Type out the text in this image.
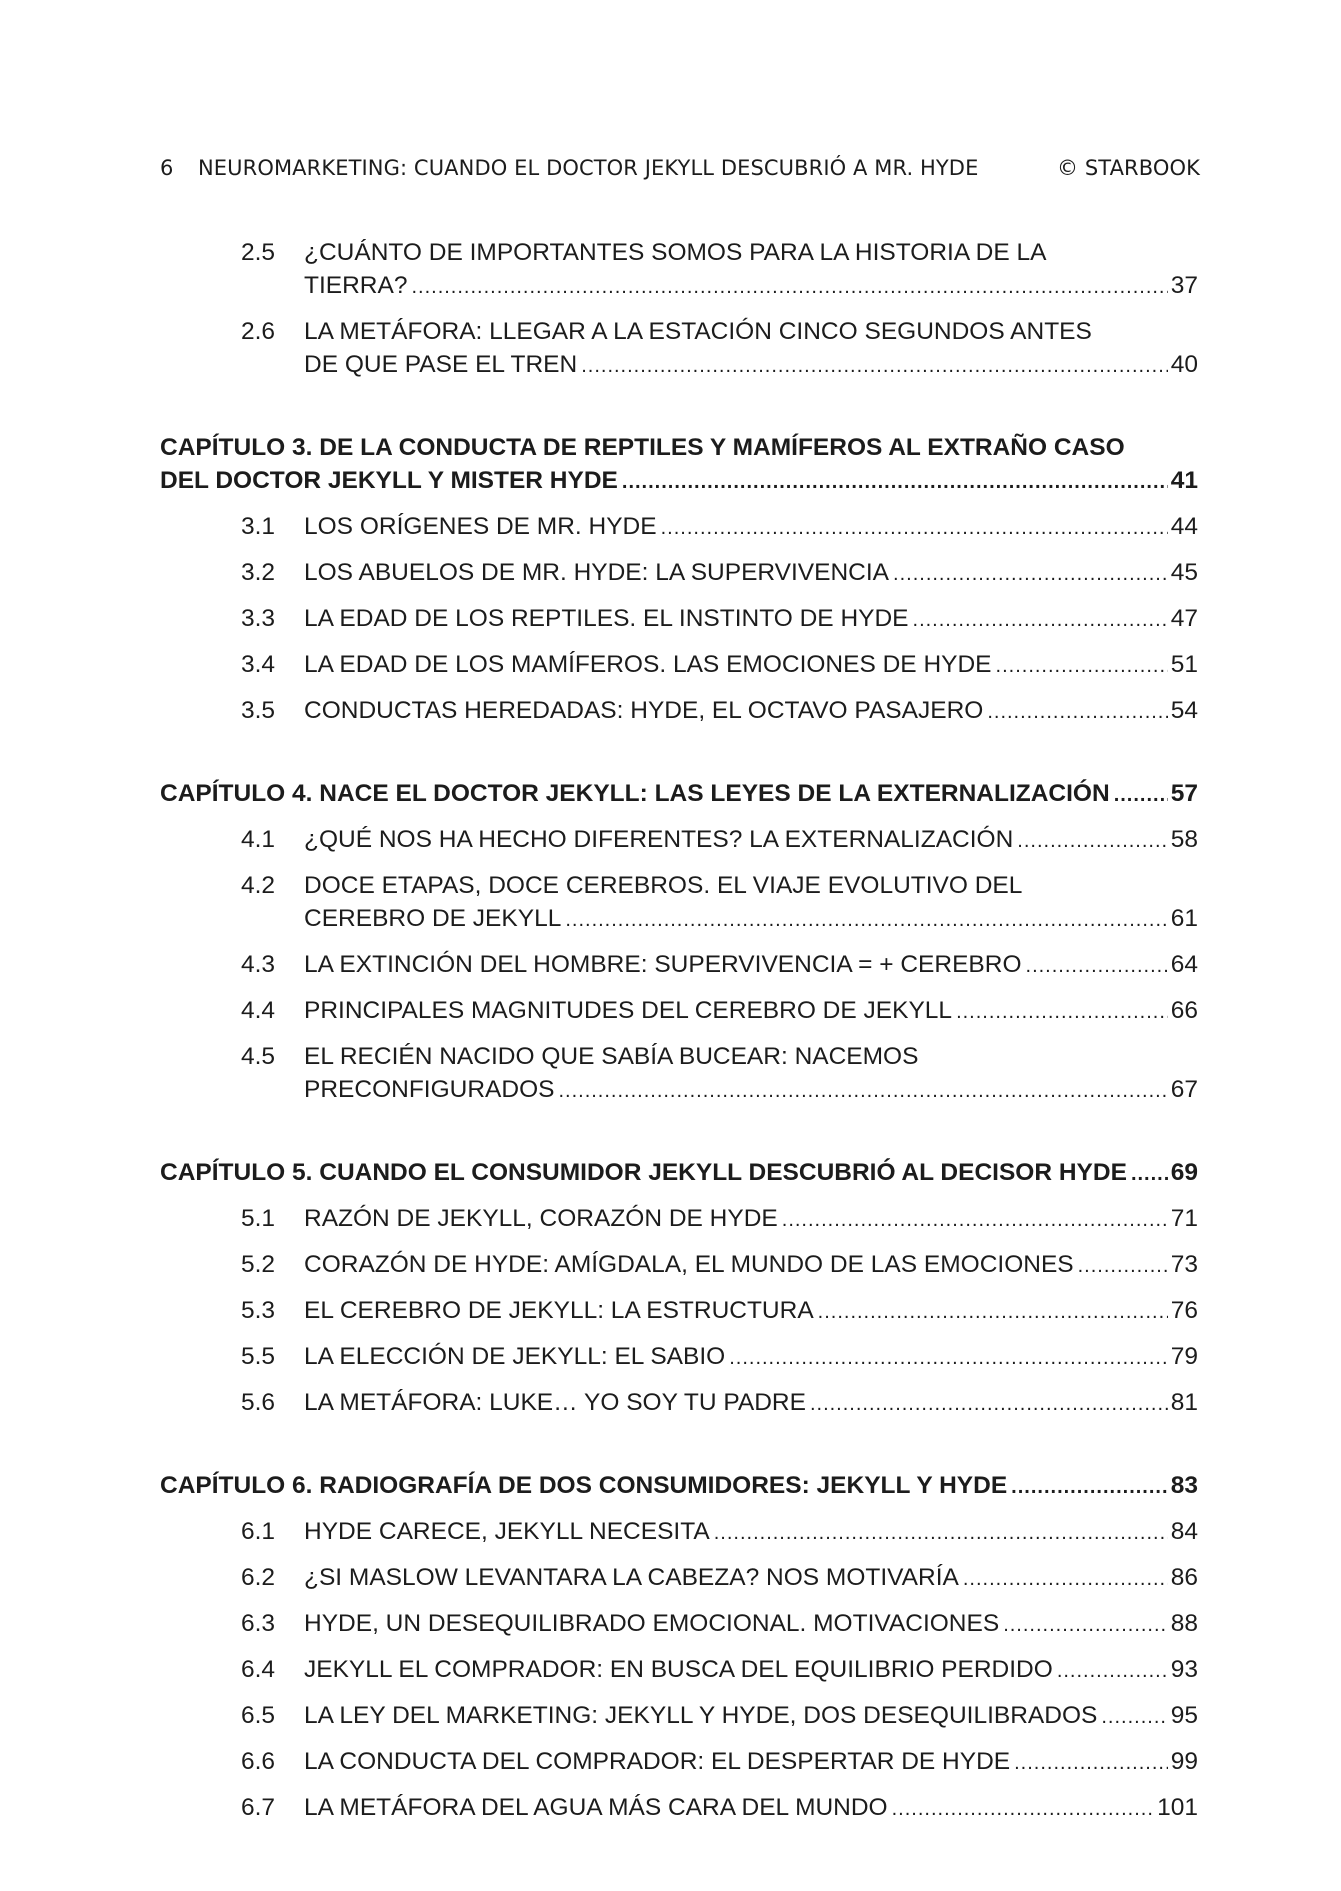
6	NEUROMARKETING: CUANDO EL DOCTOR JEKYLL DESCUBRIÓ A MR. HYDE	© STARBOOK
2.5	¿CUÁNTO DE IMPORTANTES SOMOS PARA LA HISTORIA DE LA
TIERRA? .....	37
2.6	LA METÁFORA: LLEGAR A LA ESTACIÓN CINCO SEGUNDOS ANTES
DE QUE PASE EL TREN .....	40
CAPÍTULO 3. DE LA CONDUCTA DE REPTILES Y MAMÍFEROS AL EXTRAÑO CASO
DEL DOCTOR JEKYLL Y MISTER HYDE .....	41
3.1	LOS ORÍGENES DE MR. HYDE .....	44
3.2	LOS ABUELOS DE MR. HYDE: LA SUPERVIVENCIA .....	45
3.3	LA EDAD DE LOS REPTILES. EL INSTINTO DE HYDE .....	47
3.4	LA EDAD DE LOS MAMÍFEROS. LAS EMOCIONES DE HYDE .....	51
3.5	CONDUCTAS HEREDADAS: HYDE, EL OCTAVO PASAJERO .....	54
CAPÍTULO 4. NACE EL DOCTOR JEKYLL: LAS LEYES DE LA EXTERNALIZACIÓN ..... 57
4.1	¿QUÉ NOS HA HECHO DIFERENTES? LA EXTERNALIZACIÓN .....	58
4.2	DOCE ETAPAS, DOCE CEREBROS. EL VIAJE EVOLUTIVO DEL
CEREBRO DE JEKYLL .....	61
4.3	LA EXTINCIÓN DEL HOMBRE: SUPERVIVENCIA = + CEREBRO .....	64
4.4	PRINCIPALES MAGNITUDES DEL CEREBRO DE JEKYLL .....	66
4.5	EL RECIÉN NACIDO QUE SABÍA BUCEAR: NACEMOS
PRECONFIGURADOS .....	67
CAPÍTULO 5. CUANDO EL CONSUMIDOR JEKYLL DESCUBRIÓ AL DECISOR HYDE ..... 69
5.1	RAZÓN DE JEKYLL, CORAZÓN DE HYDE .....	71
5.2	CORAZÓN DE HYDE: AMÍGDALA, EL MUNDO DE LAS EMOCIONES .....	73
5.3	EL CEREBRO DE JEKYLL: LA ESTRUCTURA .....	76
5.5	LA ELECCIÓN DE JEKYLL: EL SABIO .....	79
5.6	LA METÁFORA: LUKE… YO SOY TU PADRE .....	81
CAPÍTULO 6. RADIOGRAFÍA DE DOS CONSUMIDORES: JEKYLL Y HYDE .....	83
6.1	HYDE CARECE, JEKYLL NECESITA .....	84
6.2	¿SI MASLOW LEVANTARA LA CABEZA? NOS MOTIVARÍA .....	86
6.3	HYDE, UN DESEQUILIBRADO EMOCIONAL. MOTIVACIONES .....	88
6.4	JEKYLL EL COMPRADOR: EN BUSCA DEL EQUILIBRIO PERDIDO .....	93
6.5	LA LEY DEL MARKETING: JEKYLL Y HYDE, DOS DESEQUILIBRADOS .....	95
6.6	LA CONDUCTA DEL COMPRADOR: EL DESPERTAR DE HYDE .....	99
6.7	LA METÁFORA DEL AGUA MÁS CARA DEL MUNDO .....	101
